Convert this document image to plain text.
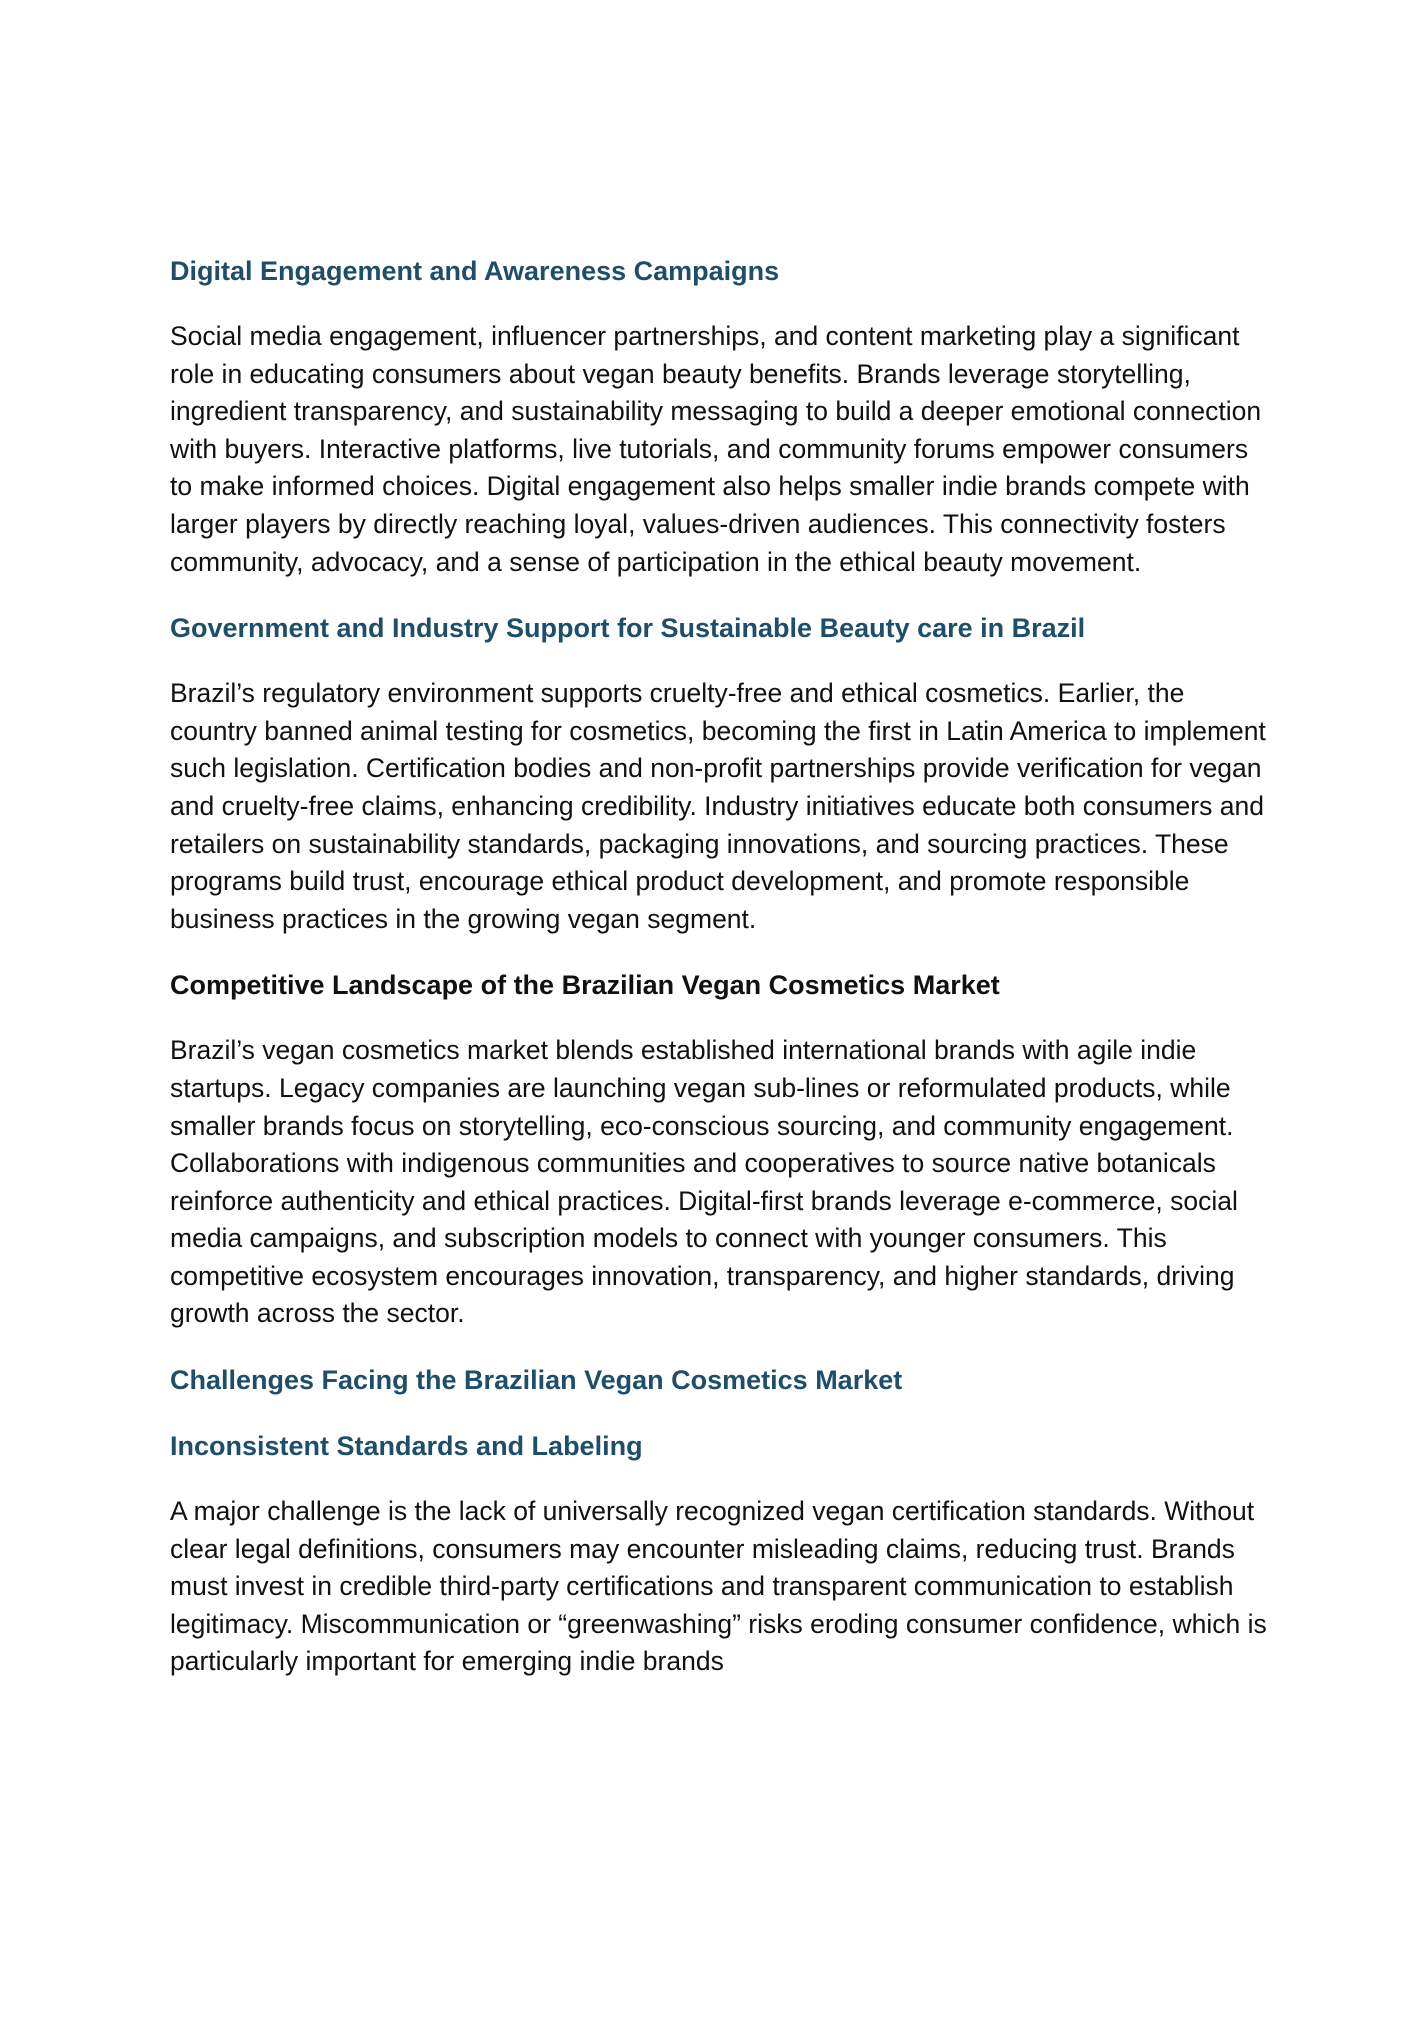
Digital Engagement and Awareness Campaigns

Social media engagement, influencer partnerships, and content marketing play a significant role in educating consumers about vegan beauty benefits. Brands leverage storytelling, ingredient transparency, and sustainability messaging to build a deeper emotional connection with buyers. Interactive platforms, live tutorials, and community forums empower consumers to make informed choices. Digital engagement also helps smaller indie brands compete with larger players by directly reaching loyal, values-driven audiences. This connectivity fosters community, advocacy, and a sense of participation in the ethical beauty movement.

Government and Industry Support for Sustainable Beauty care in Brazil

Brazil’s regulatory environment supports cruelty-free and ethical cosmetics. Earlier, the country banned animal testing for cosmetics, becoming the first in Latin America to implement such legislation. Certification bodies and non-profit partnerships provide verification for vegan and cruelty-free claims, enhancing credibility. Industry initiatives educate both consumers and retailers on sustainability standards, packaging innovations, and sourcing practices. These programs build trust, encourage ethical product development, and promote responsible business practices in the growing vegan segment.

Competitive Landscape of the Brazilian Vegan Cosmetics Market

Brazil’s vegan cosmetics market blends established international brands with agile indie startups. Legacy companies are launching vegan sub-lines or reformulated products, while smaller brands focus on storytelling, eco-conscious sourcing, and community engagement. Collaborations with indigenous communities and cooperatives to source native botanicals reinforce authenticity and ethical practices. Digital-first brands leverage e-commerce, social media campaigns, and subscription models to connect with younger consumers. This competitive ecosystem encourages innovation, transparency, and higher standards, driving growth across the sector.

Challenges Facing the Brazilian Vegan Cosmetics Market
Inconsistent Standards and Labeling

A major challenge is the lack of universally recognized vegan certification standards. Without clear legal definitions, consumers may encounter misleading claims, reducing trust. Brands must invest in credible third-party certifications and transparent communication to establish legitimacy. Miscommunication or “greenwashing” risks eroding consumer confidence, which is particularly important for emerging indie brands
